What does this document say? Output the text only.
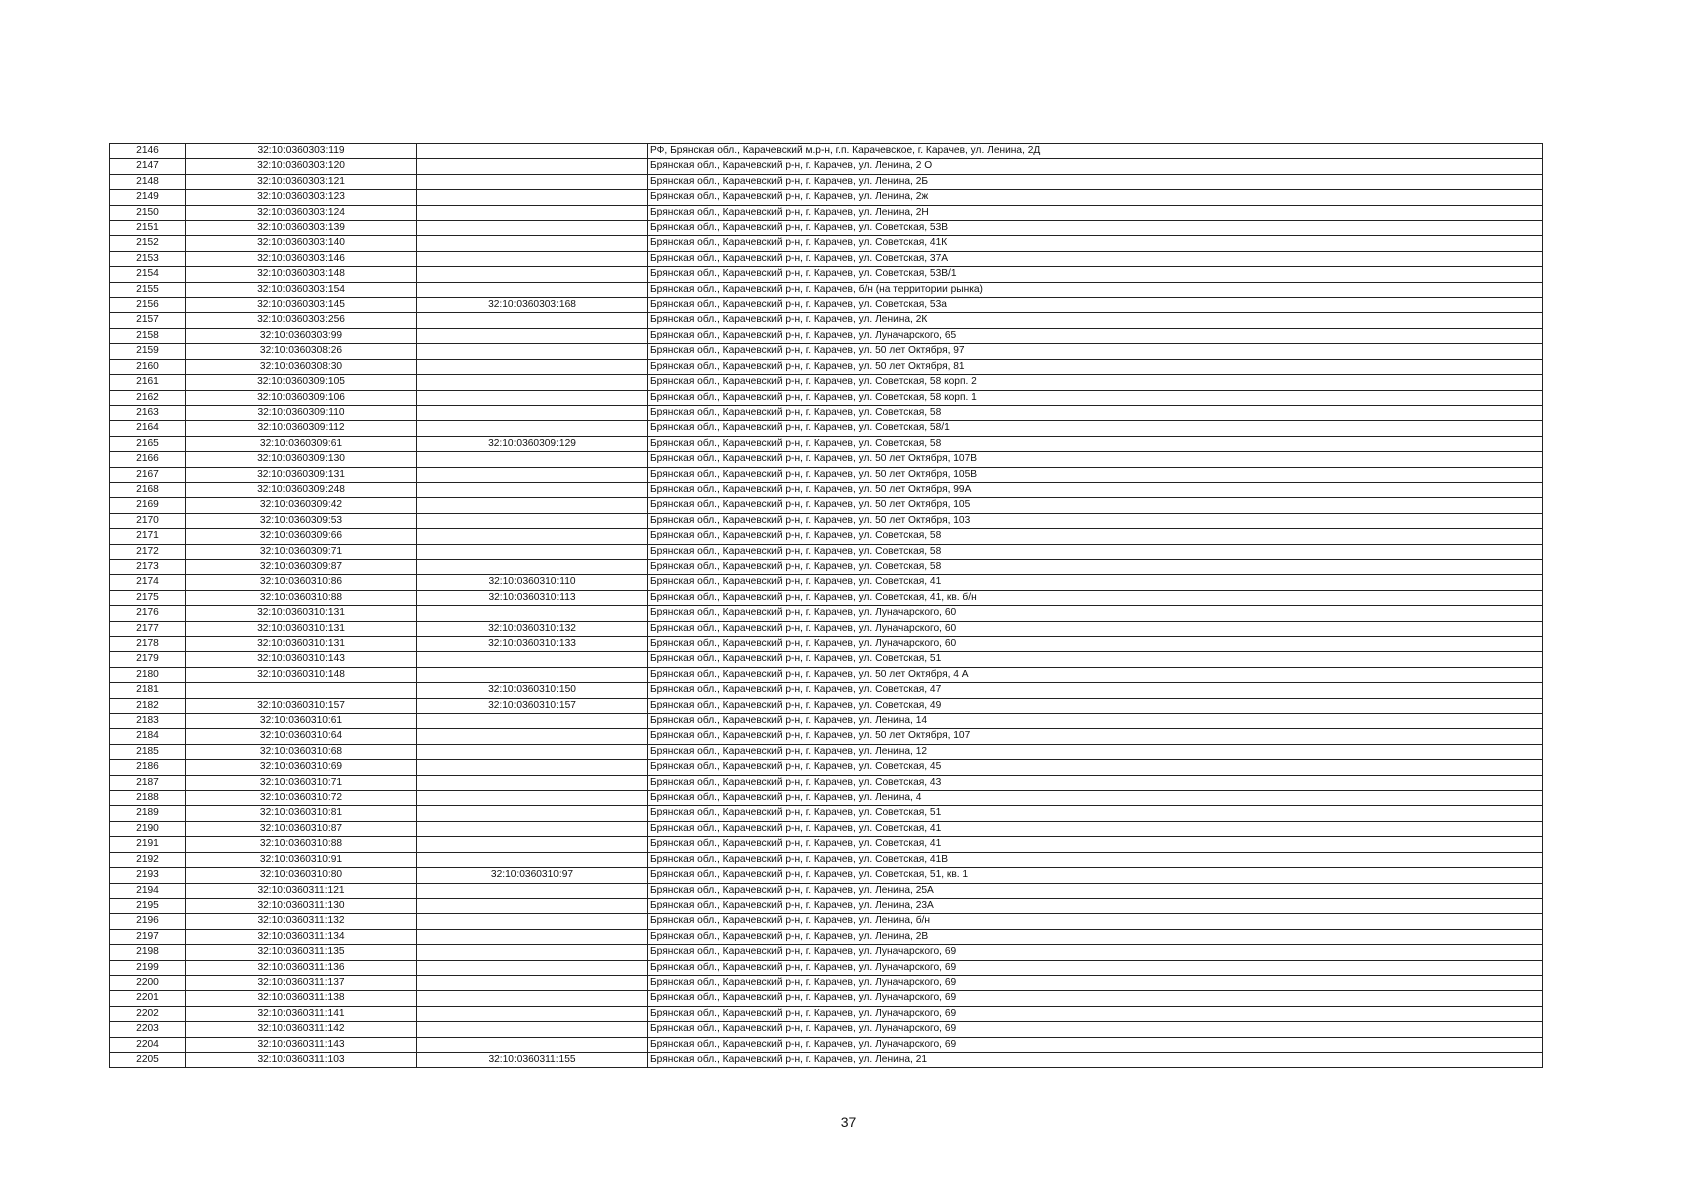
2146	32:10:0360303:119		РФ, Брянская обл., Карачевский м.р-н, г.п. Карачевское, г. Карачев, ул. Ленина, 2Д
2147	32:10:0360303:120		Брянская обл., Карачевский р-н, г. Карачев, ул. Ленина, 2 О
2148	32:10:0360303:121		Брянская обл., Карачевский р-н, г. Карачев, ул. Ленина, 2Б
2149	32:10:0360303:123		Брянская обл., Карачевский р-н, г. Карачев, ул. Ленина, 2ж
2150	32:10:0360303:124		Брянская обл., Карачевский р-н, г. Карачев, ул. Ленина, 2Н
2151	32:10:0360303:139		Брянская обл., Карачевский р-н, г. Карачев, ул. Советская, 53В
2152	32:10:0360303:140		Брянская обл., Карачевский р-н, г. Карачев, ул. Советская, 41К
2153	32:10:0360303:146		Брянская обл., Карачевский р-н, г. Карачев, ул. Советская, 37А
2154	32:10:0360303:148		Брянская обл., Карачевский р-н, г. Карачев, ул. Советская, 53В/1
2155	32:10:0360303:154		Брянская обл., Карачевский р-н, г. Карачев, б/н (на территории рынка)
2156	32:10:0360303:145	32:10:0360303:168	Брянская обл., Карачевский р-н, г. Карачев, ул. Советская, 53а
2157	32:10:0360303:256		Брянская обл., Карачевский р-н, г. Карачев, ул. Ленина, 2К
2158	32:10:0360303:99		Брянская обл., Карачевский р-н, г. Карачев, ул. Луначарского, 65
2159	32:10:0360308:26		Брянская обл., Карачевский р-н, г. Карачев, ул. 50 лет Октября, 97
2160	32:10:0360308:30		Брянская обл., Карачевский р-н, г. Карачев, ул. 50 лет Октября, 81
2161	32:10:0360309:105		Брянская обл., Карачевский р-н, г. Карачев, ул. Советская, 58 корп. 2
2162	32:10:0360309:106		Брянская обл., Карачевский р-н, г. Карачев, ул. Советская, 58 корп. 1
2163	32:10:0360309:110		Брянская обл., Карачевский р-н, г. Карачев, ул. Советская, 58
2164	32:10:0360309:112		Брянская обл., Карачевский р-н, г. Карачев, ул. Советская, 58/1
2165	32:10:0360309:61	32:10:0360309:129	Брянская обл., Карачевский р-н, г. Карачев, ул. Советская, 58
2166	32:10:0360309:130		Брянская обл., Карачевский р-н, г. Карачев, ул. 50 лет Октября, 107В
2167	32:10:0360309:131		Брянская обл., Карачевский р-н, г. Карачев, ул. 50 лет Октября, 105В
2168	32:10:0360309:248		Брянская обл., Карачевский р-н, г. Карачев, ул. 50 лет Октября, 99А
2169	32:10:0360309:42		Брянская обл., Карачевский р-н, г. Карачев, ул. 50 лет Октября, 105
2170	32:10:0360309:53		Брянская обл., Карачевский р-н, г. Карачев, ул. 50 лет Октября, 103
2171	32:10:0360309:66		Брянская обл., Карачевский р-н, г. Карачев, ул. Советская, 58
2172	32:10:0360309:71		Брянская обл., Карачевский р-н, г. Карачев, ул. Советская, 58
2173	32:10:0360309:87		Брянская обл., Карачевский р-н, г. Карачев, ул. Советская, 58
2174	32:10:0360310:86	32:10:0360310:110	Брянская обл., Карачевский р-н, г. Карачев, ул. Советская, 41
2175	32:10:0360310:88	32:10:0360310:113	Брянская обл., Карачевский р-н, г. Карачев, ул. Советская, 41, кв. б/н
2176	32:10:0360310:131		Брянская обл., Карачевский р-н, г. Карачев, ул. Луначарского, 60
2177	32:10:0360310:131	32:10:0360310:132	Брянская обл., Карачевский р-н, г. Карачев, ул. Луначарского, 60
2178	32:10:0360310:131	32:10:0360310:133	Брянская обл., Карачевский р-н, г. Карачев, ул. Луначарского, 60
2179	32:10:0360310:143		Брянская обл., Карачевский р-н, г. Карачев, ул. Советская, 51
2180	32:10:0360310:148		Брянская обл., Карачевский р-н, г. Карачев, ул. 50 лет Октября, 4 А
2181		32:10:0360310:150	Брянская обл., Карачевский р-н, г. Карачев, ул. Советская, 47
2182	32:10:0360310:157	32:10:0360310:157	Брянская обл., Карачевский р-н, г. Карачев, ул. Советская, 49
2183	32:10:0360310:61		Брянская обл., Карачевский р-н, г. Карачев, ул. Ленина, 14
2184	32:10:0360310:64		Брянская обл., Карачевский р-н, г. Карачев, ул. 50 лет Октября, 107
2185	32:10:0360310:68		Брянская обл., Карачевский р-н, г. Карачев, ул. Ленина, 12
2186	32:10:0360310:69		Брянская обл., Карачевский р-н, г. Карачев, ул. Советская, 45
2187	32:10:0360310:71		Брянская обл., Карачевский р-н, г. Карачев, ул. Советская, 43
2188	32:10:0360310:72		Брянская обл., Карачевский р-н, г. Карачев, ул. Ленина, 4
2189	32:10:0360310:81		Брянская обл., Карачевский р-н, г. Карачев, ул. Советская, 51
2190	32:10:0360310:87		Брянская обл., Карачевский р-н, г. Карачев, ул. Советская, 41
2191	32:10:0360310:88		Брянская обл., Карачевский р-н, г. Карачев, ул. Советская, 41
2192	32:10:0360310:91		Брянская обл., Карачевский р-н, г. Карачев, ул. Советская, 41В
2193	32:10:0360310:80	32:10:0360310:97	Брянская обл., Карачевский р-н, г. Карачев, ул. Советская, 51, кв. 1
2194	32:10:0360311:121		Брянская обл., Карачевский р-н, г. Карачев, ул. Ленина, 25А
2195	32:10:0360311:130		Брянская обл., Карачевский р-н, г. Карачев, ул. Ленина, 23А
2196	32:10:0360311:132		Брянская обл., Карачевский р-н, г. Карачев, ул. Ленина, б/н
2197	32:10:0360311:134		Брянская обл., Карачевский р-н, г. Карачев, ул. Ленина, 2В
2198	32:10:0360311:135		Брянская обл., Карачевский р-н, г. Карачев, ул. Луначарского, 69
2199	32:10:0360311:136		Брянская обл., Карачевский р-н, г. Карачев, ул. Луначарского, 69
2200	32:10:0360311:137		Брянская обл., Карачевский р-н, г. Карачев, ул. Луначарского, 69
2201	32:10:0360311:138		Брянская обл., Карачевский р-н, г. Карачев, ул. Луначарского, 69
2202	32:10:0360311:141		Брянская обл., Карачевский р-н, г. Карачев, ул. Луначарского, 69
2203	32:10:0360311:142		Брянская обл., Карачевский р-н, г. Карачев, ул. Луначарского, 69
2204	32:10:0360311:143		Брянская обл., Карачевский р-н, г. Карачев, ул. Луначарского, 69
2205	32:10:0360311:103	32:10:0360311:155	Брянская обл., Карачевский р-н, г. Карачев, ул. Ленина, 21
37
